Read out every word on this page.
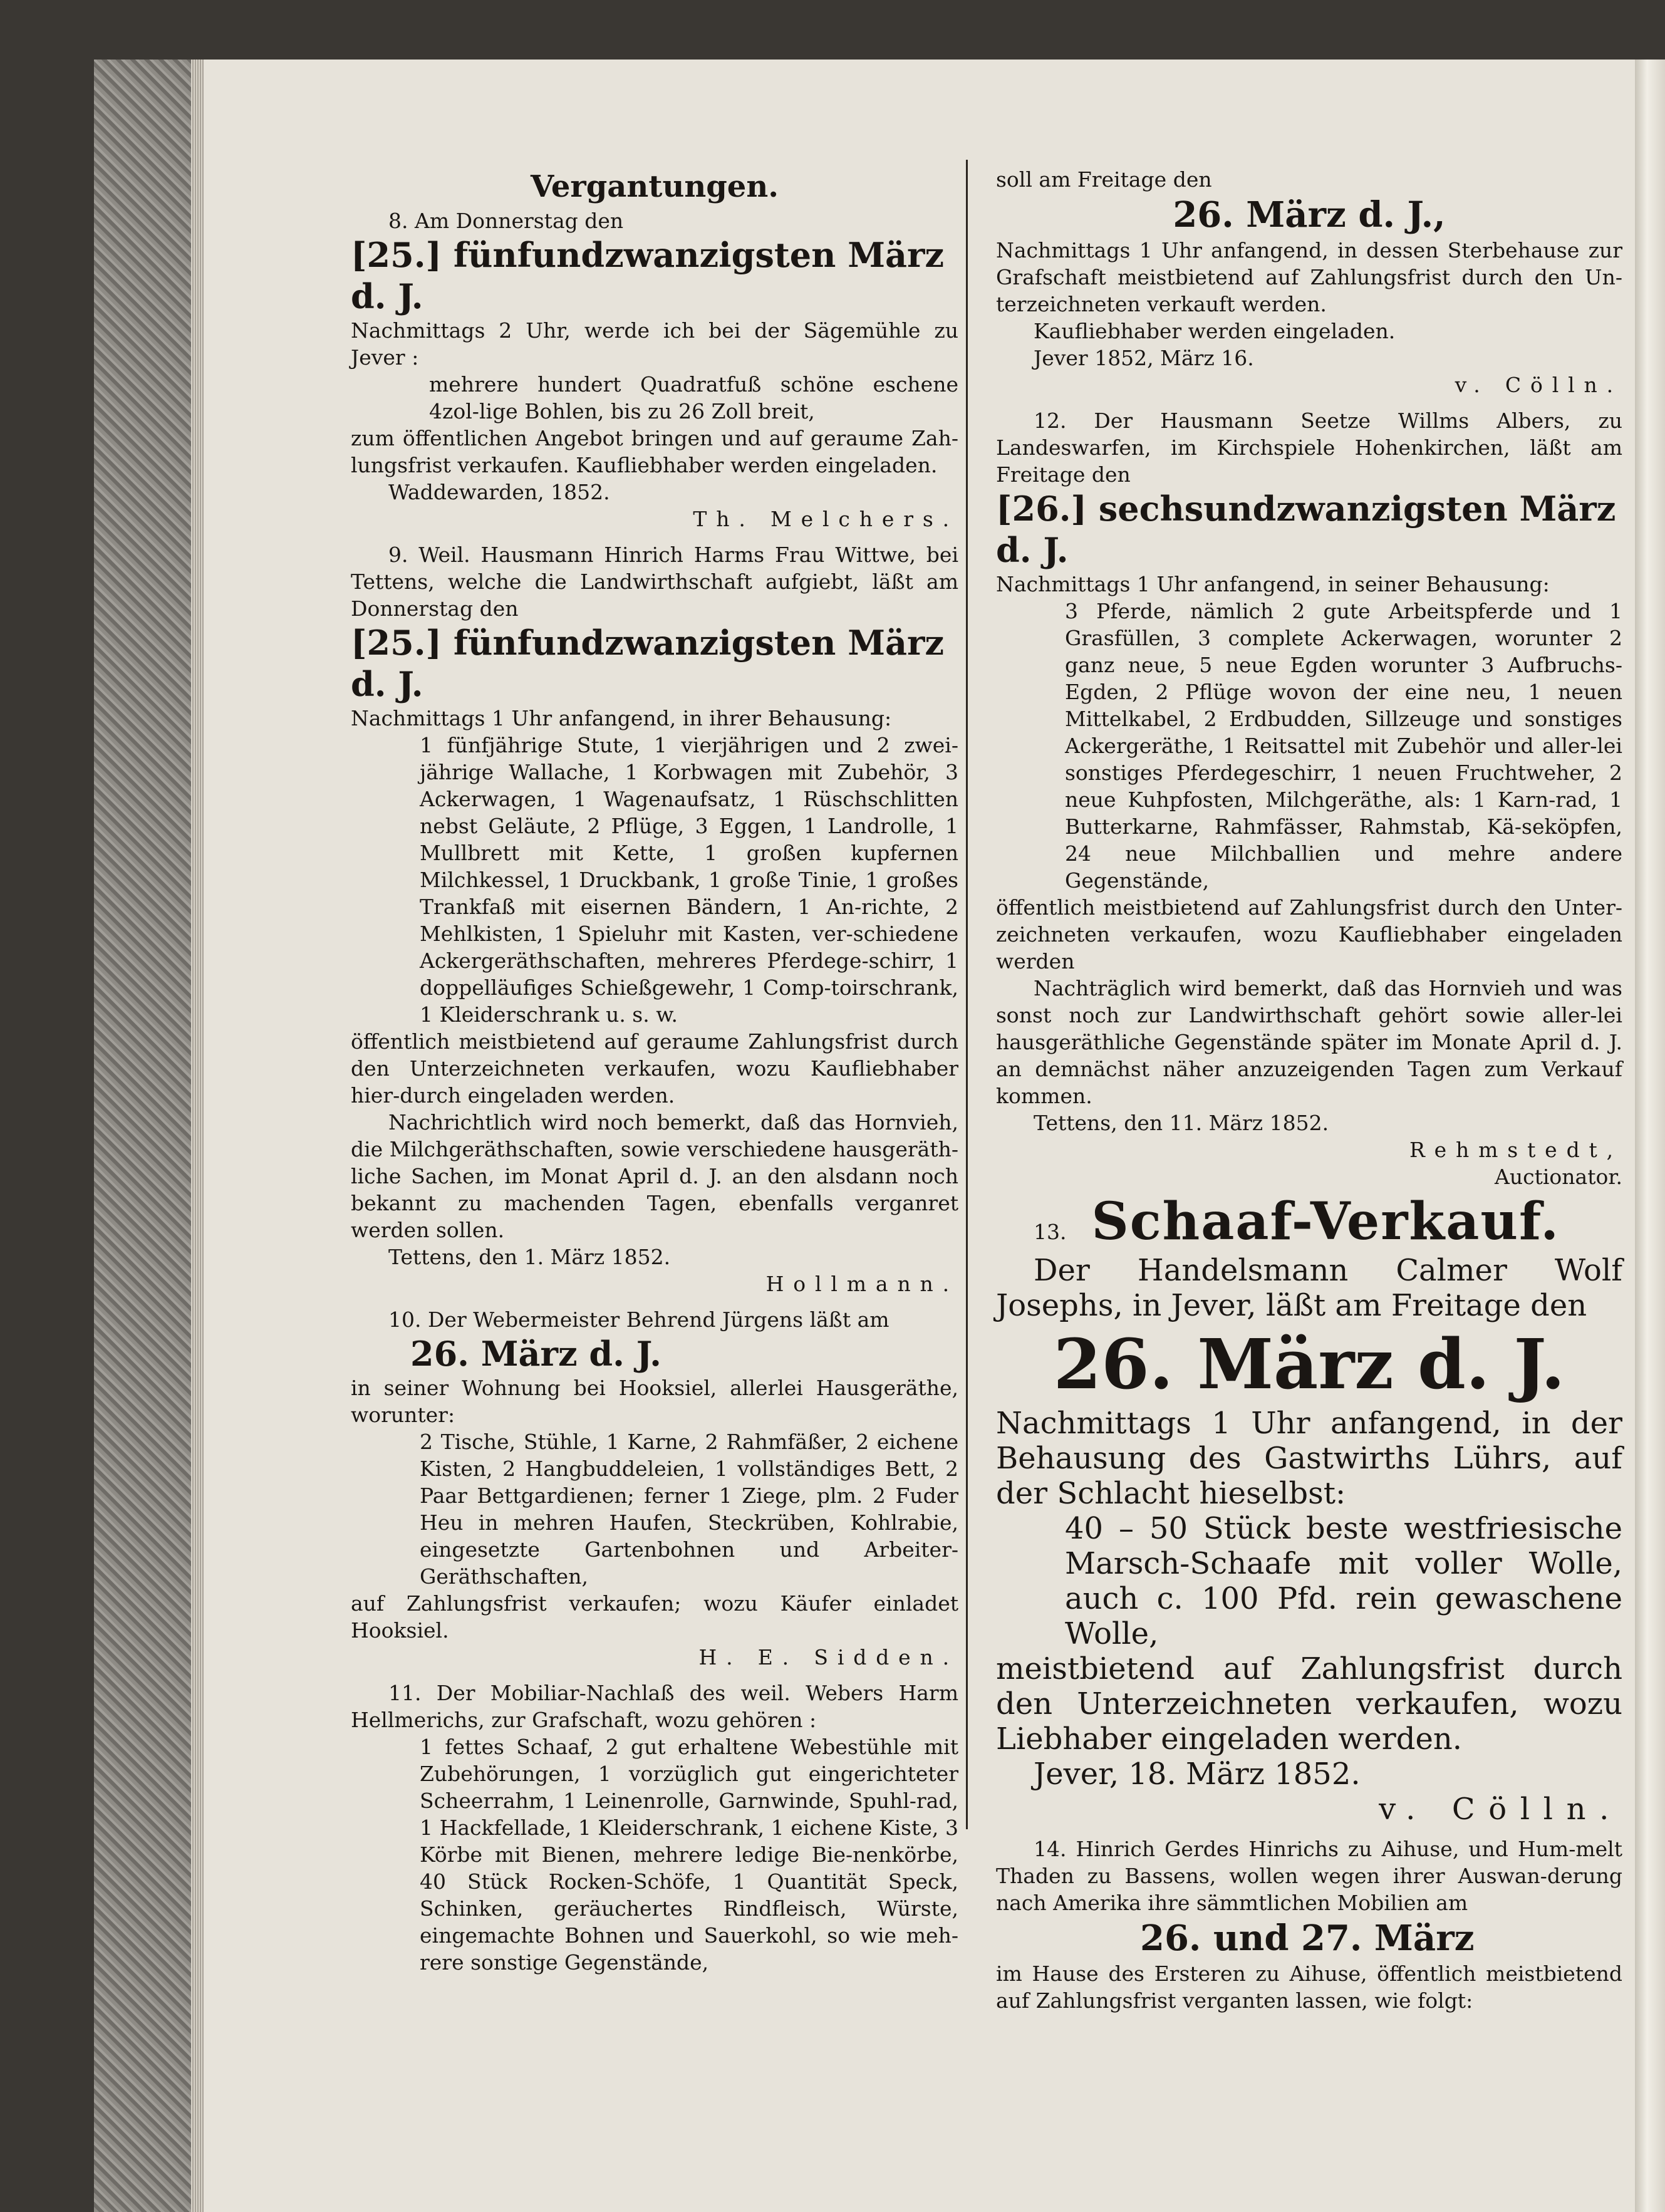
Vergantungen.

8. Am Donnerstag den

[25.] fünfundzwanzigsten März d. J.

Nachmittags 2 Uhr, werde ich bei der Sägemühle zu Jever :

mehrere hundert Quadratfuß schöne eschene 4zol-lige Bohlen, bis zu 26 Zoll breit,

zum öffentlichen Angebot bringen und auf geraume Zah-lungsfrist verkaufen. Kaufliebhaber werden eingeladen.

Waddewarden, 1852.

Th. Melchers.

9. Weil. Hausmann Hinrich Harms Frau Wittwe, bei Tettens, welche die Landwirthschaft aufgiebt, läßt am Donnerstag den

[25.] fünfundzwanzigsten März d. J.

Nachmittags 1 Uhr anfangend, in ihrer Behausung:

1 fünfjährige Stute, 1 vierjährigen und 2 zwei-jährige Wallache, 1 Korbwagen mit Zubehör, 3 Ackerwagen, 1 Wagenaufsatz, 1 Rüschschlitten nebst Geläute, 2 Pflüge, 3 Eggen, 1 Landrolle, 1 Mullbrett mit Kette, 1 großen kupfernen Milchkessel, 1 Druckbank, 1 große Tinie, 1 großes Trankfaß mit eisernen Bändern, 1 An-richte, 2 Mehlkisten, 1 Spieluhr mit Kasten, ver-schiedene Ackergeräthschaften, mehreres Pferdege-schirr, 1 doppelläufiges Schießgewehr, 1 Comp-toirschrank, 1 Kleiderschrank u. s. w.

öffentlich meistbietend auf geraume Zahlungsfrist durch den Unterzeichneten verkaufen, wozu Kaufliebhaber hier-durch eingeladen werden.

Nachrichtlich wird noch bemerkt, daß das Hornvieh, die Milchgeräthschaften, sowie verschiedene hausgeräth-liche Sachen, im Monat April d. J. an den alsdann noch bekannt zu machenden Tagen, ebenfalls verganret werden sollen.

Tettens, den 1. März 1852.

Hollmann.

10. Der Webermeister Behrend Jürgens läßt am

26. März d. J.

in seiner Wohnung bei Hooksiel, allerlei Hausgeräthe, worunter:

2 Tische, Stühle, 1 Karne, 2 Rahmfäßer, 2 eichene Kisten, 2 Hangbuddeleien, 1 vollständiges Bett, 2 Paar Bettgardienen; ferner 1 Ziege, plm. 2 Fuder Heu in mehren Haufen, Steckrüben, Kohlrabie, eingesetzte Gartenbohnen und Arbeiter-Geräthschaften,

auf Zahlungsfrist verkaufen; wozu Käufer einladet Hooksiel.

H. E. Sidden.

11. Der Mobiliar-Nachlaß des weil. Webers Harm Hellmerichs, zur Grafschaft, wozu gehören :

1 fettes Schaaf, 2 gut erhaltene Webestühle mit Zubehörungen, 1 vorzüglich gut eingerichteter Scheerrahm, 1 Leinenrolle, Garnwinde, Spuhl-rad, 1 Hackfellade, 1 Kleiderschrank, 1 eichene Kiste, 3 Körbe mit Bienen, mehrere ledige Bie-nenkörbe, 40 Stück Rocken-Schöfe, 1 Quantität Speck, Schinken, geräuchertes Rindfleisch, Würste, eingemachte Bohnen und Sauerkohl, so wie meh-rere sonstige Gegenstände,

soll am Freitage den

26. März d. J.,

Nachmittags 1 Uhr anfangend, in dessen Sterbehause zur Grafschaft meistbietend auf Zahlungsfrist durch den Un-terzeichneten verkauft werden.

Kaufliebhaber werden eingeladen.

Jever 1852, März 16.

v. Cölln.

12. Der Hausmann Seetze Willms Albers, zu Landeswarfen, im Kirchspiele Hohenkirchen, läßt am Freitage den

[26.] sechsundzwanzigsten März d. J.

Nachmittags 1 Uhr anfangend, in seiner Behausung:

3 Pferde, nämlich 2 gute Arbeitspferde und 1 Grasfüllen, 3 complete Ackerwagen, worunter 2 ganz neue, 5 neue Egden worunter 3 Aufbruchs-Egden, 2 Pflüge wovon der eine neu, 1 neuen Mittelkabel, 2 Erdbudden, Sillzeuge und sonstiges Ackergeräthe, 1 Reitsattel mit Zubehör und aller-lei sonstiges Pferdegeschirr, 1 neuen Fruchtweher, 2 neue Kuhpfosten, Milchgeräthe, als: 1 Karn-rad, 1 Butterkarne, Rahmfässer, Rahmstab, Kä-seköpfen, 24 neue Milchballien und mehre andere Gegenstände,

öffentlich meistbietend auf Zahlungsfrist durch den Unter-zeichneten verkaufen, wozu Kaufliebhaber eingeladen werden

Nachträglich wird bemerkt, daß das Hornvieh und was sonst noch zur Landwirthschaft gehört sowie aller-lei hausgeräthliche Gegenstände später im Monate April d. J. an demnächst näher anzuzeigenden Tagen zum Verkauf kommen.

Tettens, den 11. März 1852.

Rehmstedt,

Auctionator.

13. Schaaf-Verkauf.

Der Handelsmann Calmer Wolf Josephs, in Jever, läßt am Freitage den

26. März d. J.

Nachmittags 1 Uhr anfangend, in der Behausung des Gastwirths Lührs, auf der Schlacht hieselbst:

40 – 50 Stück beste westfriesische Marsch-Schaafe mit voller Wolle, auch c. 100 Pfd. rein gewaschene Wolle,

meistbietend auf Zahlungsfrist durch den Unterzeichneten verkaufen, wozu Liebhaber eingeladen werden.

Jever, 18. März 1852.

v. Cölln.

14. Hinrich Gerdes Hinrichs zu Aihuse, und Hum-melt Thaden zu Bassens, wollen wegen ihrer Auswan-derung nach Amerika ihre sämmtlichen Mobilien am

26. und 27. März

im Hause des Ersteren zu Aihuse, öffentlich meistbietend auf Zahlungsfrist verganten lassen, wie folgt:
